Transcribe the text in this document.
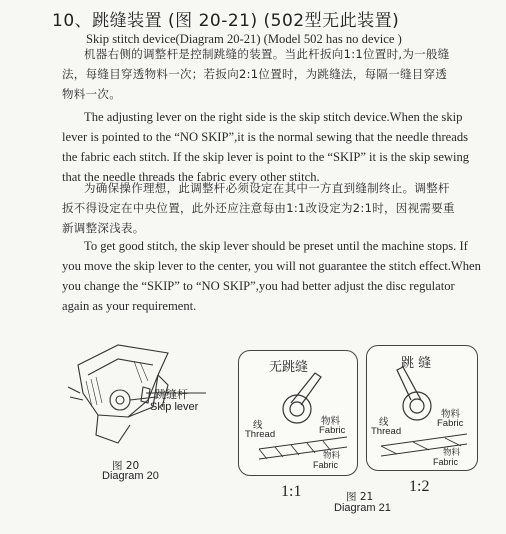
10、跳缝装置 (图 20-21) (502型无此装置)
Skip stitch device(Diagram 20-21) (Model 502 has no device )
机器右侧的调整杆是控制跳缝的装置。当此杆扳向1:1位置时,为一般缝
法，每缝目穿透物料一次；若扳向2:1位置时，为跳缝法，每隔一缝目穿透
物料一次。
The adjusting lever on the right side is the skip stitch device.When the skip
lever is pointed to the “NO SKIP”,it is the normal sewing that the needle threads
the fabric each stitch. If the skip lever is point to the “SKIP” it is the skip sewing
that the needle threads the fabric every other stitch.
为确保操作理想，此调整杆必须设定在其中一方直到缝制终止。调整杆
扳不得设定在中央位置，此外还应注意每由1:1改设定为2:1时，因视需要重
新调整深浅表。
To get good stitch, the skip lever should be preset until the machine stops. If
you move the skip lever to the center, you will not guarantee the stitch effect.When
you change the “SKIP” to “NO SKIP”,you had better adjust the disc regulator
again as your requirement.
跳缝杆
Skip lever
图 20
Diagram 20
无跳缝
线
Thread
物料
Fabric
物料
Fabric
1:1
跳 缝
线
Thread
物料
Fabric
物料
Fabric
1:2
图 21
Diagram 21
